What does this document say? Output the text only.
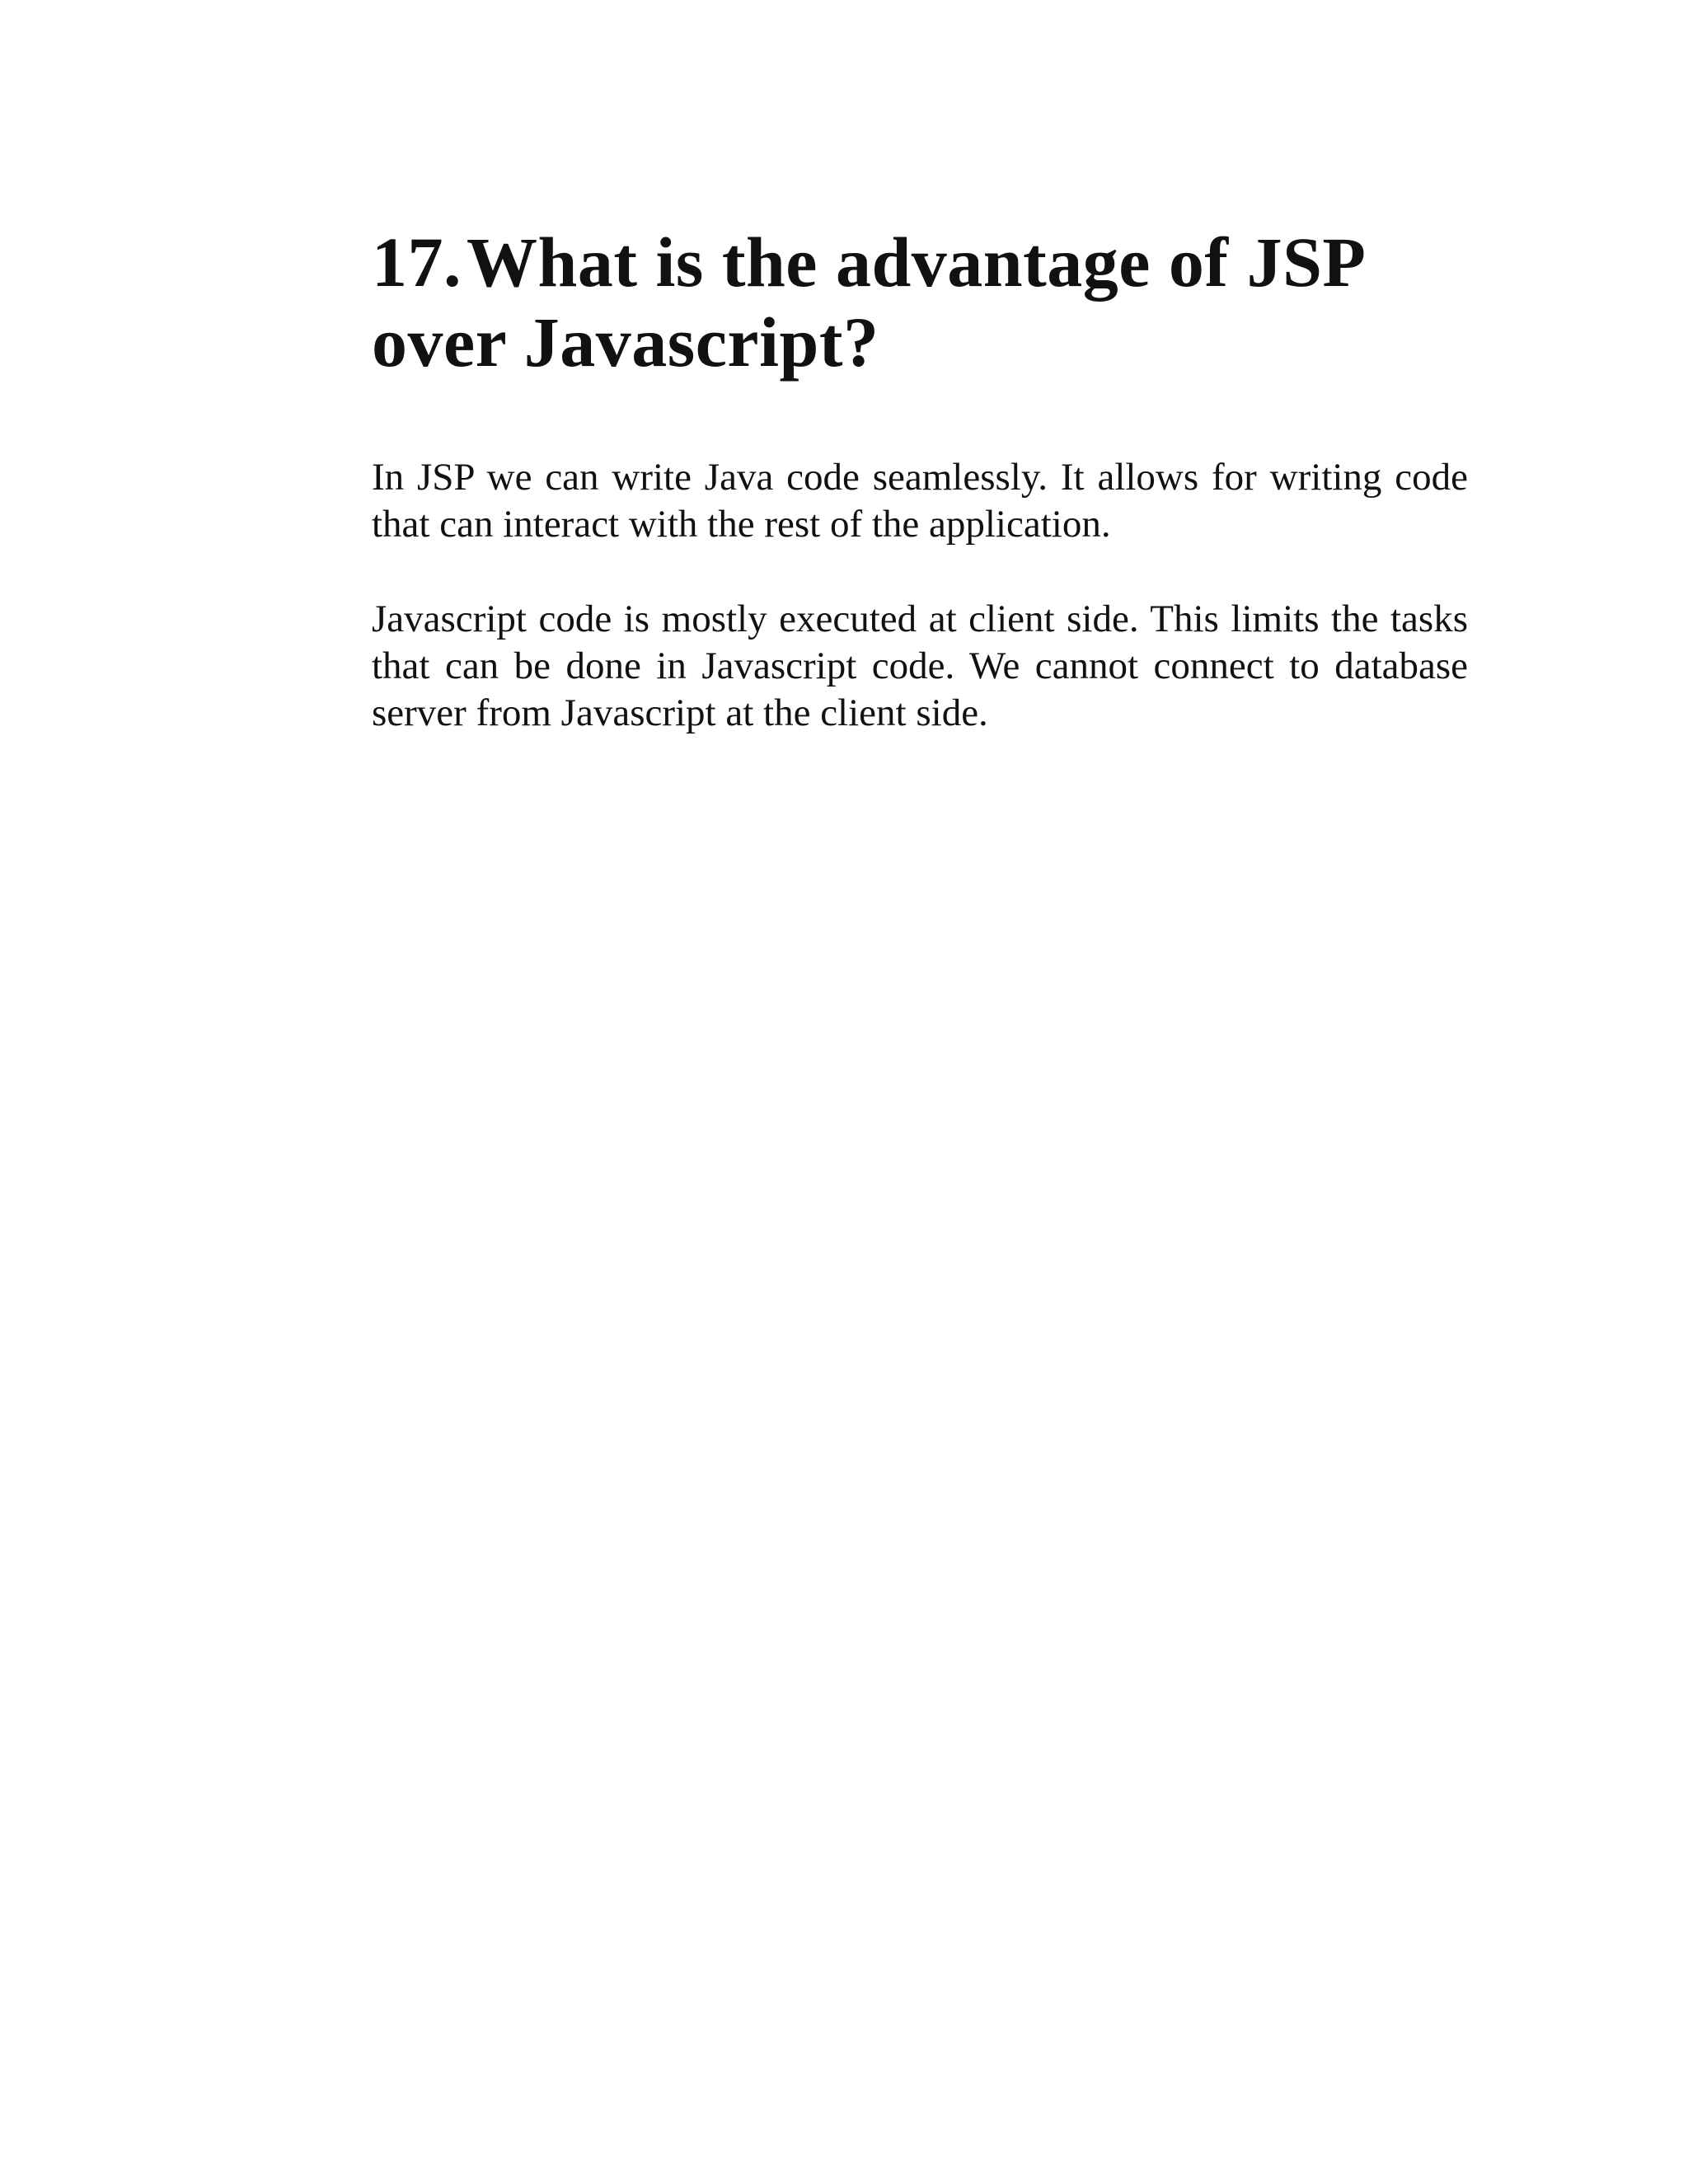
17.What is the advantage of JSP over Javascript?

In JSP we can write Java code seamlessly. It allows for writing code that can interact with the rest of the application.

Javascript code is mostly executed at client side. This limits the tasks that can be done in Javascript code. We cannot connect to database server from Javascript at the client side.
